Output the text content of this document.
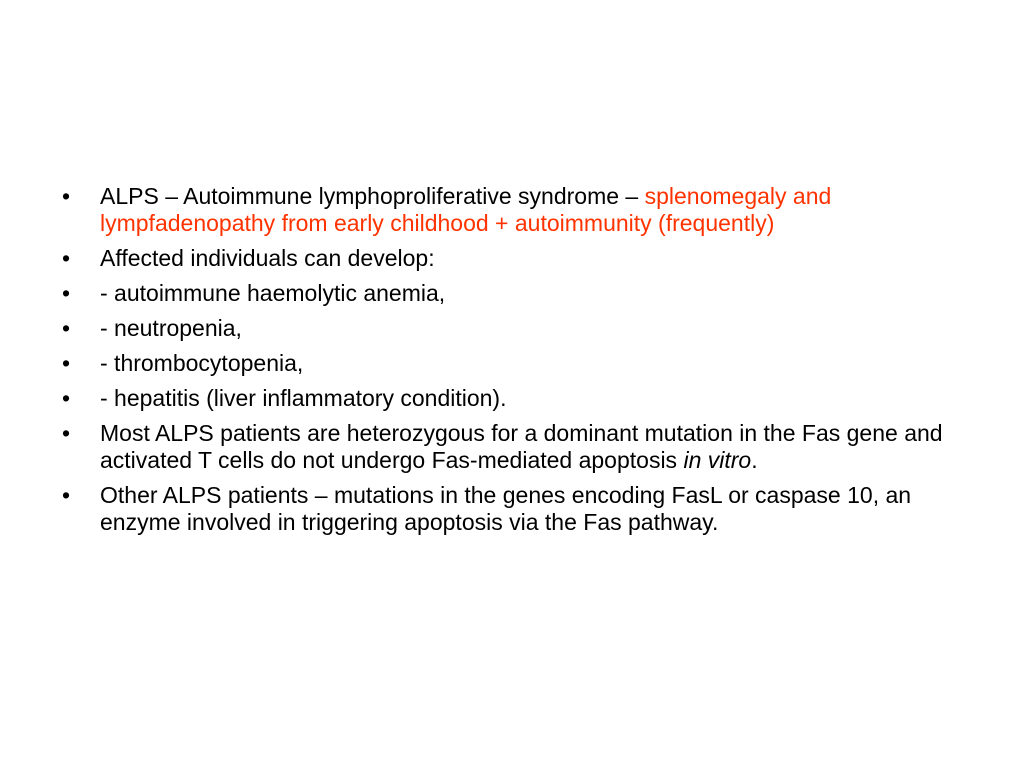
•	ALPS – Autoimmune lymphoproliferative syndrome – splenomegaly and lympfadenopathy from early childhood + autoimmunity (frequently)
•	Affected individuals can develop:
•	- autoimmune haemolytic anemia,
•	- neutropenia,
•	- thrombocytopenia,
•	- hepatitis (liver inflammatory condition).
•	Most ALPS patients are heterozygous for a dominant mutation in the Fas gene and activated T cells do not undergo Fas-mediated apoptosis in vitro.
•	Other ALPS patients – mutations in the genes encoding FasL or caspase 10, an enzyme involved in triggering apoptosis via the Fas pathway.
